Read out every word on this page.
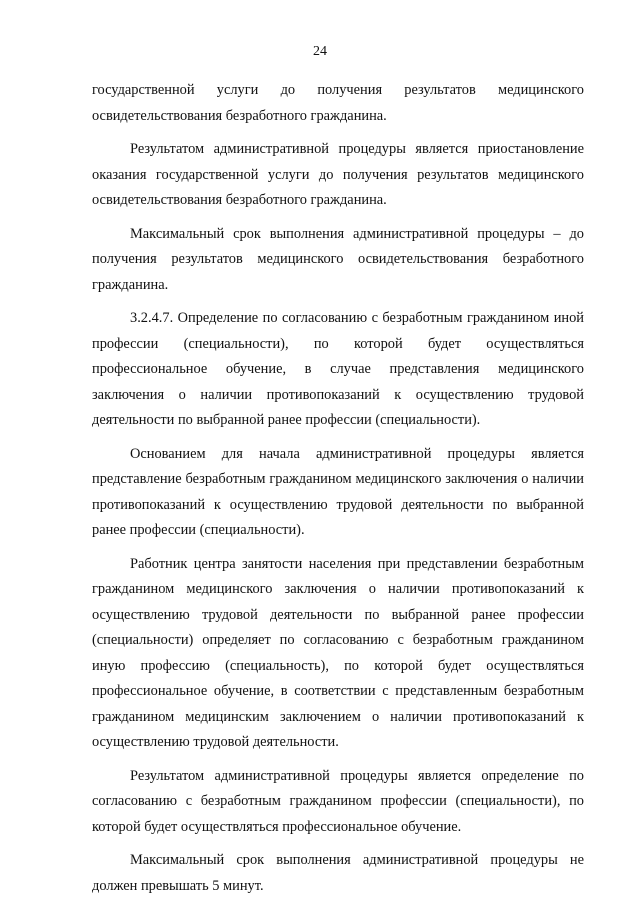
24

государственной услуги до получения результатов медицинского освидетельствования безработного гражданина.

Результатом административной процедуры является приостановление оказания государственной услуги до получения результатов медицинского освидетельствования безработного гражданина.

Максимальный срок выполнения административной процедуры – до получения результатов медицинского освидетельствования безработного гражданина.

3.2.4.7. Определение по согласованию с безработным гражданином иной профессии (специальности), по которой будет осуществляться профессиональное обучение, в случае представления медицинского заключения о наличии противопоказаний к осуществлению трудовой деятельности по выбранной ранее профессии (специальности).

Основанием для начала административной процедуры является представление безработным гражданином медицинского заключения о наличии противопоказаний к осуществлению трудовой деятельности по выбранной ранее профессии (специальности).

Работник центра занятости населения при представлении безработным гражданином медицинского заключения о наличии противопоказаний к осуществлению трудовой деятельности по выбранной ранее профессии (специальности) определяет по согласованию с безработным гражданином иную профессию (специальность), по которой будет осуществляться профессиональное обучение, в соответствии с представленным безработным гражданином медицинским заключением о наличии противопоказаний к осуществлению трудовой деятельности.

Результатом административной процедуры является определение по согласованию с безработным гражданином профессии (специальности), по которой будет осуществляться профессиональное обучение.

Максимальный срок выполнения административной процедуры не должен превышать 5 минут.
